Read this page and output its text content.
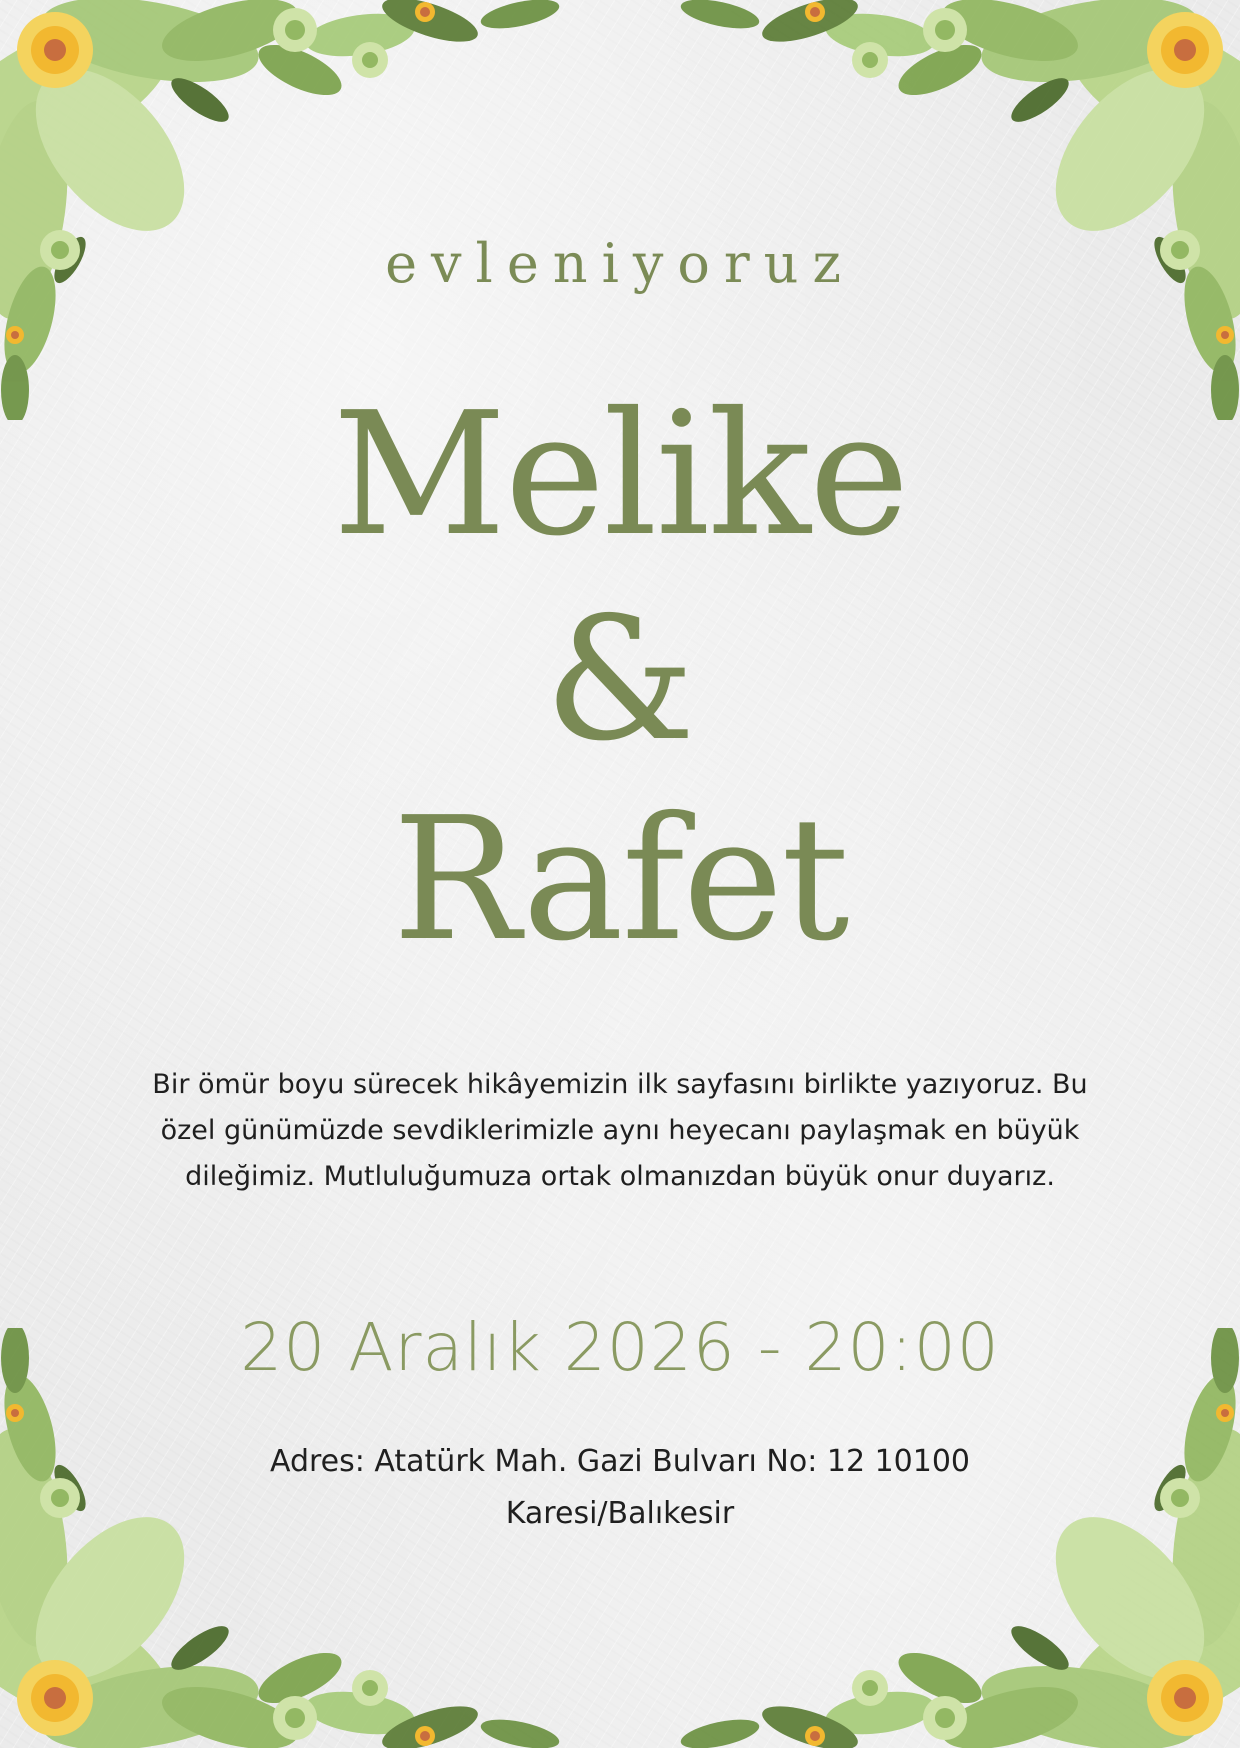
evleniyoruz
Melike
&
Rafet
Bir ömür boyu sürecek hikâyemizin ilk sayfasını birlikte yazıyoruz. Bu özel günümüzde sevdiklerimizle aynı heyecanı paylaşmak en büyük dileğimiz. Mutluluğumuza ortak olmanızdan büyük onur duyarız.
20 Aralık 2026 - 20:00
Adres: Atatürk Mah. Gazi Bulvarı No: 12 10100 Karesi/Balıkesir
